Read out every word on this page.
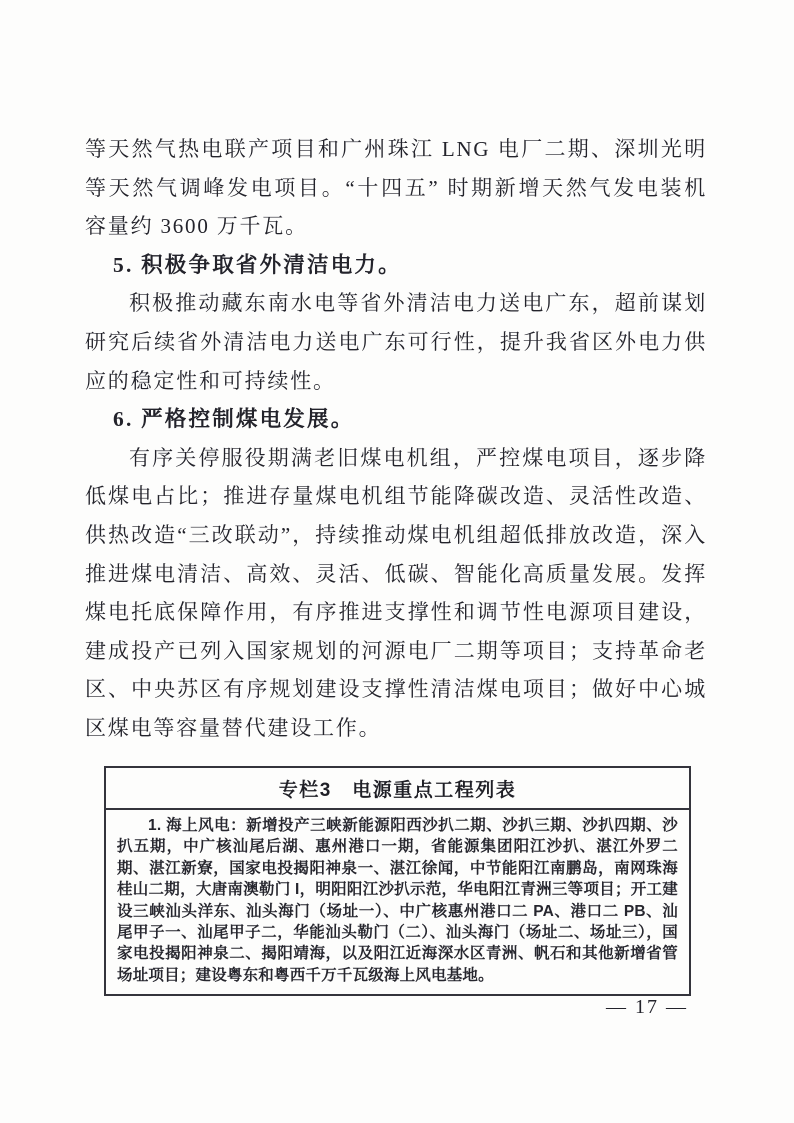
等天然气热电联产项目和广州珠江 LNG 电厂二期、深圳光明等天然气调峰发电项目。“十四五” 时期新增天然气发电装机容量约 3600 万千瓦。

5. 积极争取省外清洁电力。

积极推动藏东南水电等省外清洁电力送电广东，超前谋划研究后续省外清洁电力送电广东可行性，提升我省区外电力供应的稳定性和可持续性。

6. 严格控制煤电发展。

有序关停服役期满老旧煤电机组，严控煤电项目，逐步降低煤电占比；推进存量煤电机组节能降碳改造、灵活性改造、供热改造“三改联动”，持续推动煤电机组超低排放改造，深入推进煤电清洁、高效、灵活、低碳、智能化高质量发展。发挥煤电托底保障作用，有序推进支撑性和调节性电源项目建设，建成投产已列入国家规划的河源电厂二期等项目；支持革命老区、中央苏区有序规划建设支撑性清洁煤电项目；做好中心城区煤电等容量替代建设工作。

专栏3　电源重点工程列表
1. 海上风电：新增投产三峡新能源阳西沙扒二期、沙扒三期、沙扒四期、沙扒五期，中广核汕尾后湖、惠州港口一期，省能源集团阳江沙扒、湛江外罗二期、湛江新寮，国家电投揭阳神泉一、湛江徐闻，中节能阳江南鹏岛，南网珠海桂山二期，大唐南澳勒门 I，明阳阳江沙扒示范，华电阳江青洲三等项目；开工建设三峡汕头洋东、汕头海门（场址一）、中广核惠州港口二 PA、港口二 PB、汕尾甲子一、汕尾甲子二，华能汕头勒门（二）、汕头海门（场址二、场址三），国家电投揭阳神泉二、揭阳靖海，以及阳江近海深水区青洲、帆石和其他新增省管场址项目；建设粤东和粤西千万千瓦级海上风电基地。
— 17 —
